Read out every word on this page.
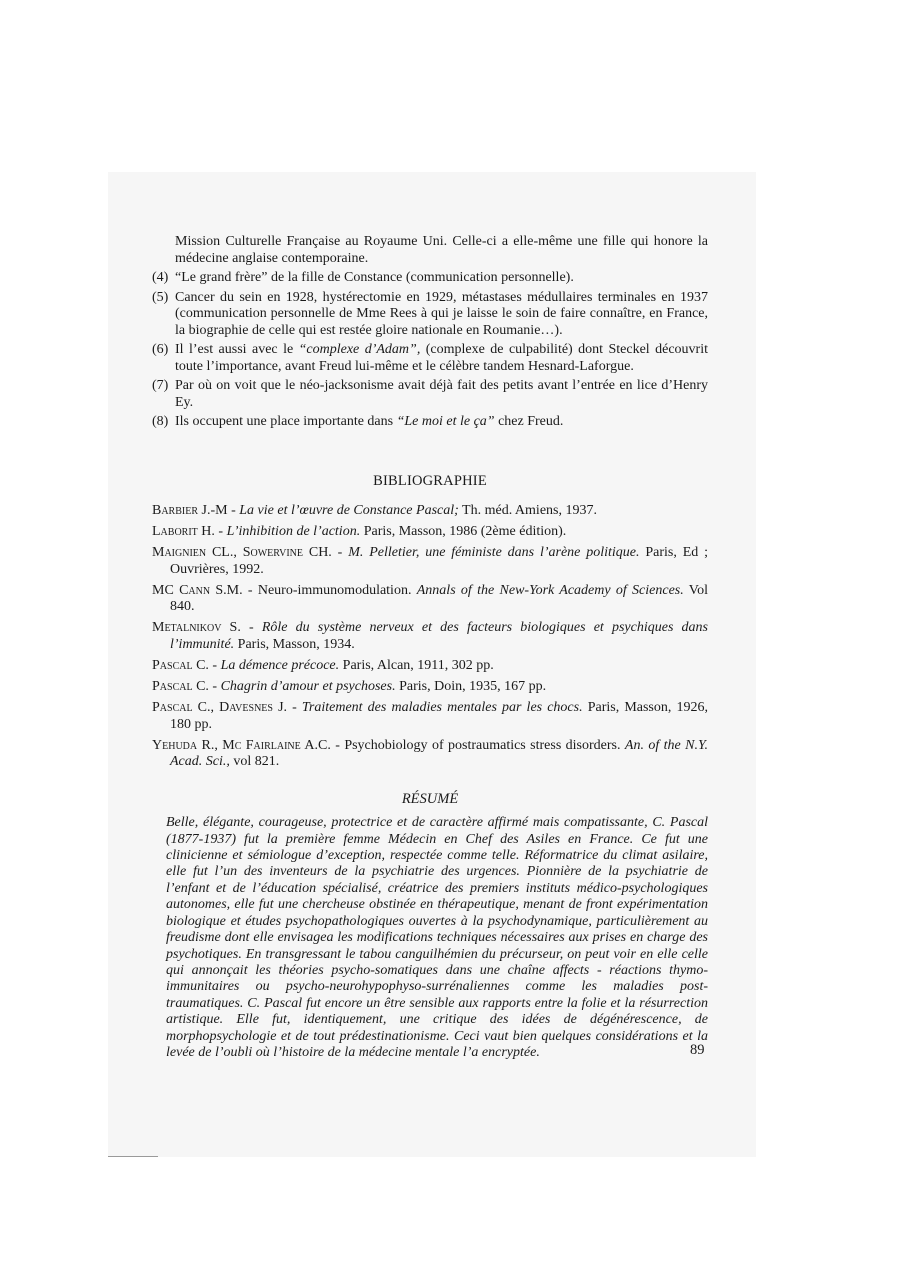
Mission Culturelle Française au Royaume Uni. Celle-ci a elle-même une fille qui honore la médecine anglaise contemporaine.

(4) “Le grand frère” de la fille de Constance (communication personnelle).
(5) Cancer du sein en 1928, hystérectomie en 1929, métastases médullaires terminales en 1937 (communication personnelle de Mme Rees à qui je laisse le soin de faire connaître, en France, la biographie de celle qui est restée gloire nationale en Roumanie…).
(6) Il l’est aussi avec le “complexe d’Adam”, (complexe de culpabilité) dont Steckel découvrit toute l’importance, avant Freud lui-même et le célèbre tandem Hesnard-Laforgue.
(7) Par où on voit que le néo-jacksonisme avait déjà fait des petits avant l’entrée en lice d’Henry Ey.
(8) Ils occupent une place importante dans “Le moi et le ça” chez Freud.
BIBLIOGRAPHIE

Barbier J.-M - La vie et l’œuvre de Constance Pascal; Th. méd. Amiens, 1937.

Laborit H. - L’inhibition de l’action. Paris, Masson, 1986 (2ème édition).

Maignien CL., Sowervine CH. - M. Pelletier, une féministe dans l’arène politique. Paris, Ed ; Ouvrières, 1992.

MC Cann S.M. - Neuro-immunomodulation. Annals of the New-York Academy of Sciences. Vol 840.

Metalnikov S. - Rôle du système nerveux et des facteurs biologiques et psychiques dans l’immunité. Paris, Masson, 1934.

Pascal C. - La démence précoce. Paris, Alcan, 1911, 302 pp.

Pascal C. - Chagrin d’amour et psychoses. Paris, Doin, 1935, 167 pp.

Pascal C., Davesnes J. - Traitement des maladies mentales par les chocs. Paris, Masson, 1926, 180 pp.

Yehuda R., Mc Fairlaine A.C. - Psychobiology of postraumatics stress disorders. An. of the N.Y. Acad. Sci., vol 821.

RÉSUMÉ

Belle, élégante, courageuse, protectrice et de caractère affirmé mais compatissante, C. Pascal (1877-1937) fut la première femme Médecin en Chef des Asiles en France. Ce fut une clinicienne et sémiologue d’exception, respectée comme telle. Réformatrice du climat asilaire, elle fut l’un des inventeurs de la psychiatrie des urgences. Pionnière de la psychiatrie de l’enfant et de l’éducation spécialisé, créatrice des premiers instituts médico-psychologiques autonomes, elle fut une chercheuse obstinée en thérapeutique, menant de front expérimentation biologique et études psychopathologiques ouvertes à la psychodynamique, particulièrement au freudisme dont elle envisagea les modifications techniques nécessaires aux prises en charge des psychotiques. En transgressant le tabou canguilhémien du précurseur, on peut voir en elle celle qui annonçait les théories psycho-somatiques dans une chaîne affects - réactions thymo-immunitaires ou psycho-neurohypophyso-surrénaliennes comme les maladies post-traumatiques. C. Pascal fut encore un être sensible aux rapports entre la folie et la résurrection artistique. Elle fut, identiquement, une critique des idées de dégénérescence, de morphopsychologie et de tout prédestinationisme. Ceci vaut bien quelques considérations et la levée de l’oubli où l’histoire de la médecine mentale l’a encryptée.	89
